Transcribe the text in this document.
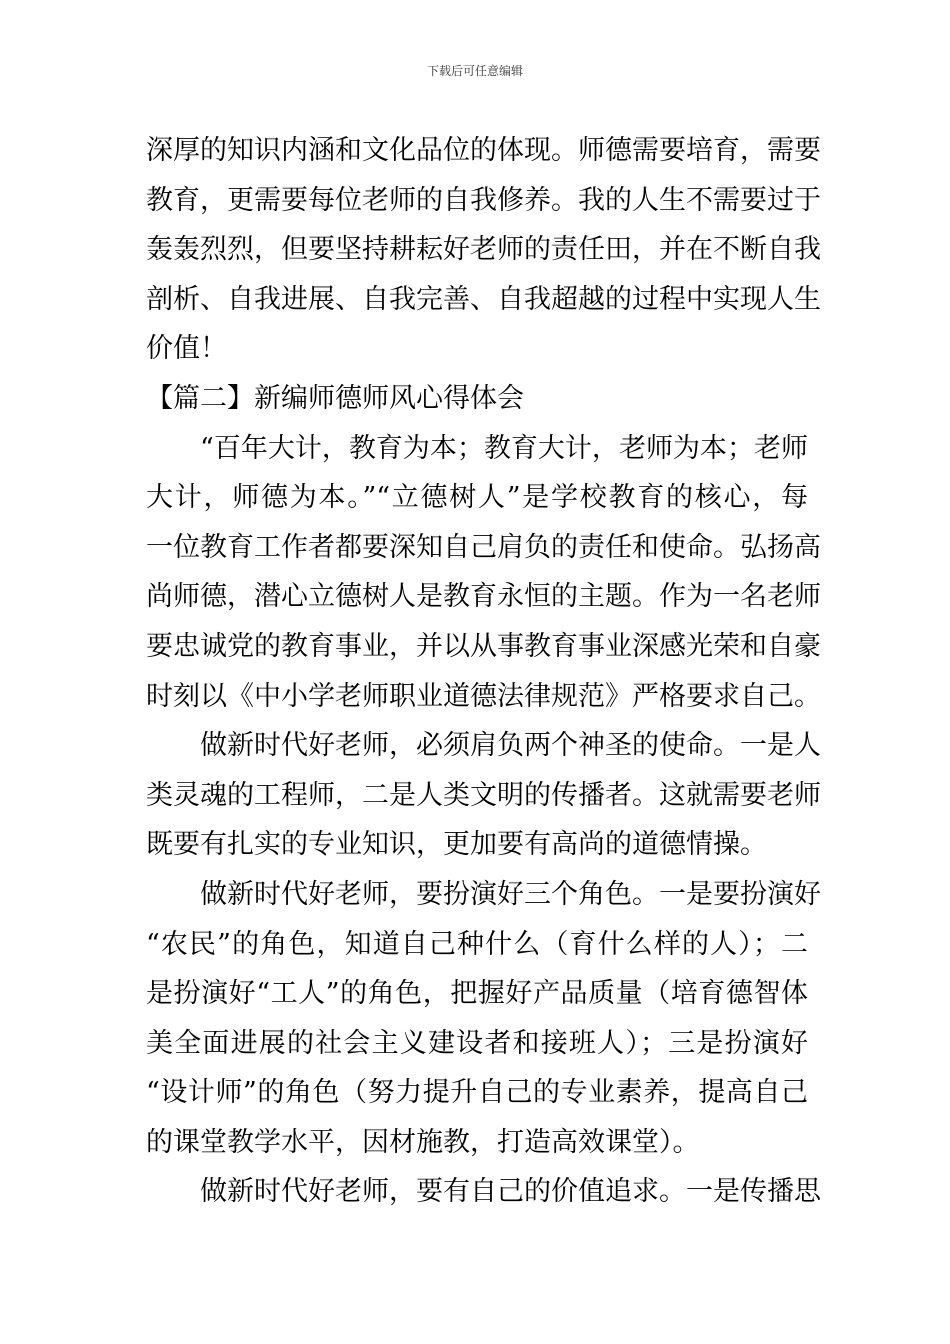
下载后可任意编辑
深厚的知识内涵和文化品位的体现。师德需要培育，需要
教育，更需要每位老师的自我修养。我的人生不需要过于
轰轰烈烈，但要坚持耕耘好老师的责任田，并在不断自我
剖析、自我进展、自我完善、自我超越的过程中实现人生
价值！
【篇二】新编师德师风心得体会
“百年大计，教育为本；教育大计，老师为本；老师
大计，师德为本。”“立德树人”是学校教育的核心，每
一位教育工作者都要深知自己肩负的责任和使命。弘扬高
尚师德，潜心立德树人是教育永恒的主题。作为一名老师
要忠诚党的教育事业，并以从事教育事业深感光荣和自豪
时刻以《中小学老师职业道德法律规范》严格要求自己。
做新时代好老师，必须肩负两个神圣的使命。一是人
类灵魂的工程师，二是人类文明的传播者。这就需要老师
既要有扎实的专业知识，更加要有高尚的道德情操。
做新时代好老师，要扮演好三个角色。一是要扮演好
“农民”的角色，知道自己种什么（育什么样的人）；二
是扮演好“工人”的角色，把握好产品质量（培育德智体
美全面进展的社会主义建设者和接班人）；三是扮演好
“设计师”的角色（努力提升自己的专业素养，提高自己
的课堂教学水平，因材施教，打造高效课堂）。
做新时代好老师，要有自己的价值追求。一是传播思
